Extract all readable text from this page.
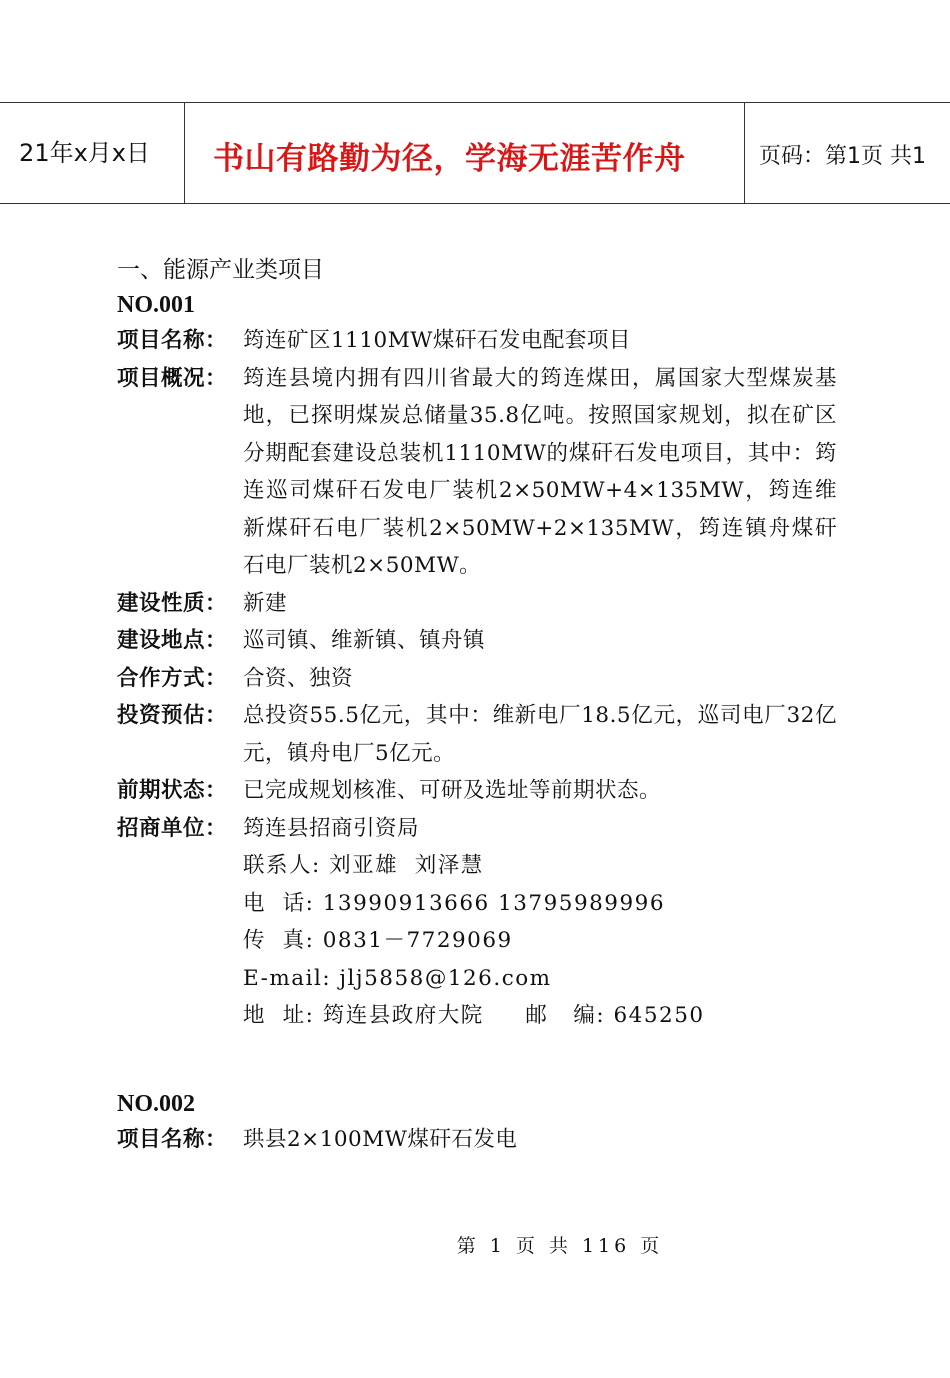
21年x月x日 书山有路勤为径，学海无涯苦作舟	页码：第1页 共1
一、能源产业类项目
NO.001
项目名称： 筠连矿区1110MW煤矸石发电配套项目
项目概况： 筠连县境内拥有四川省最大的筠连煤田，属国家大型煤炭基地，已探明煤炭总储量35.8亿吨。按照国家规划，拟在矿区分期配套建设总装机1110MW的煤矸石发电项目，其中：筠连巡司煤矸石发电厂装机2×50MW+4×135MW，筠连维新煤矸石电厂装机2×50MW+2×135MW，筠连镇舟煤矸石电厂装机2×50MW。
建设性质： 新建
建设地点： 巡司镇、维新镇、镇舟镇
合作方式： 合资、独资
投资预估： 总投资55.5亿元，其中：维新电厂18.5亿元，巡司电厂32亿元，镇舟电厂5亿元。
前期状态： 已完成规划核准、可研及选址等前期状态。
招商单位： 筠连县招商引资局
联系人: 刘亚雄  刘泽慧
电  话: 13990913666 13795989996
传  真: 0831－7729069
E-mail: jlj5858@126.com
地  址: 筠连县政府大院     邮   编: 645250
NO.002
项目名称： 珙县2×100MW煤矸石发电
第 1 页 共 116 页
